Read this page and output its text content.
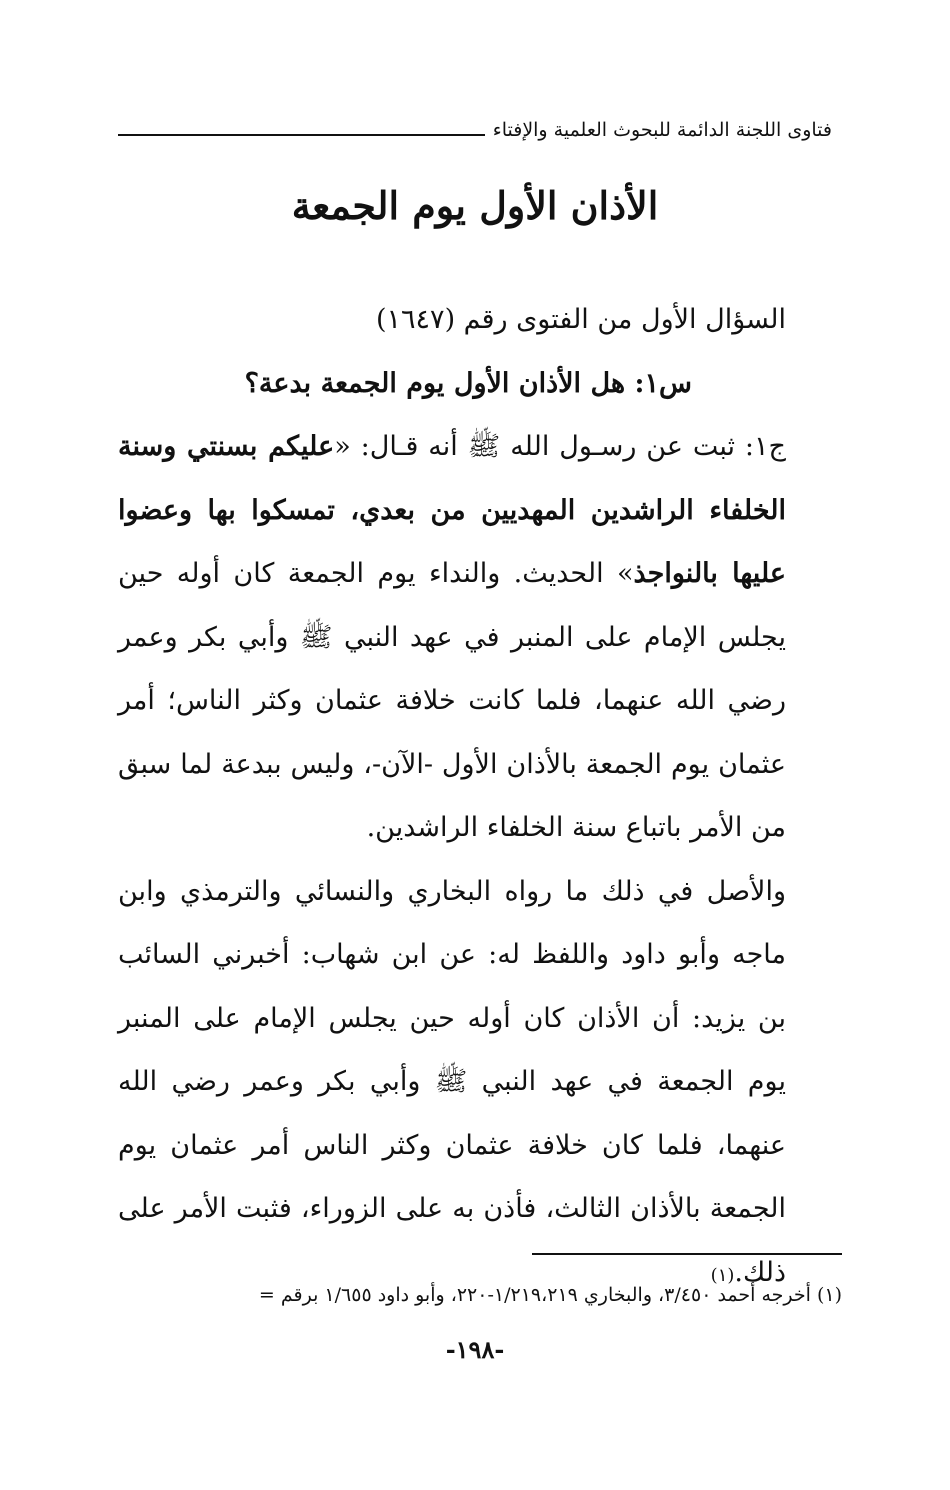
فتاوى اللجنة الدائمة للبحوث العلمية والإفتاء
الأذان الأول يوم الجمعة

السؤال الأول من الفتوى رقم (١٦٤٧)

س١: هل الأذان الأول يوم الجمعة بدعة؟

ج١: ثبت عن رسـول الله ﷺ أنه قـال: «عليكم بسنتي وسنة الخلفاء الراشدين المهديين من بعدي، تمسكوا بها وعضوا عليها بالنواجذ» الحديث. والنداء يوم الجمعة كان أوله حين يجلس الإمام على المنبر في عهد النبي ﷺ وأبي بكر وعمر رضي الله عنهما، فلما كانت خلافة عثمان وكثر الناس؛ أمر عثمان يوم الجمعة بالأذان الأول -الآن-، وليس ببدعة لما سبق من الأمر باتباع سنة الخلفاء الراشدين.

والأصل في ذلك ما رواه البخاري والنسائي والترمذي وابن ماجه وأبو داود واللفظ له: عن ابن شهاب: أخبرني السائب بن يزيد: أن الأذان كان أوله حين يجلس الإمام على المنبر يوم الجمعة في عهد النبي ﷺ وأبي بكر وعمر رضي الله عنهما، فلما كان خلافة عثمان وكثر الناس أمر عثمان يوم الجمعة بالأذان الثالث، فأذن به على الزوراء، فثبت الأمر على ذلك.(١)

(١) أخرجه أحمد ٣/٤٥٠، والبخاري ١/٢١٩،٢١٩-٢٢٠، وأبو داود ١/٦٥٥ برقم =
-١٩٨-
